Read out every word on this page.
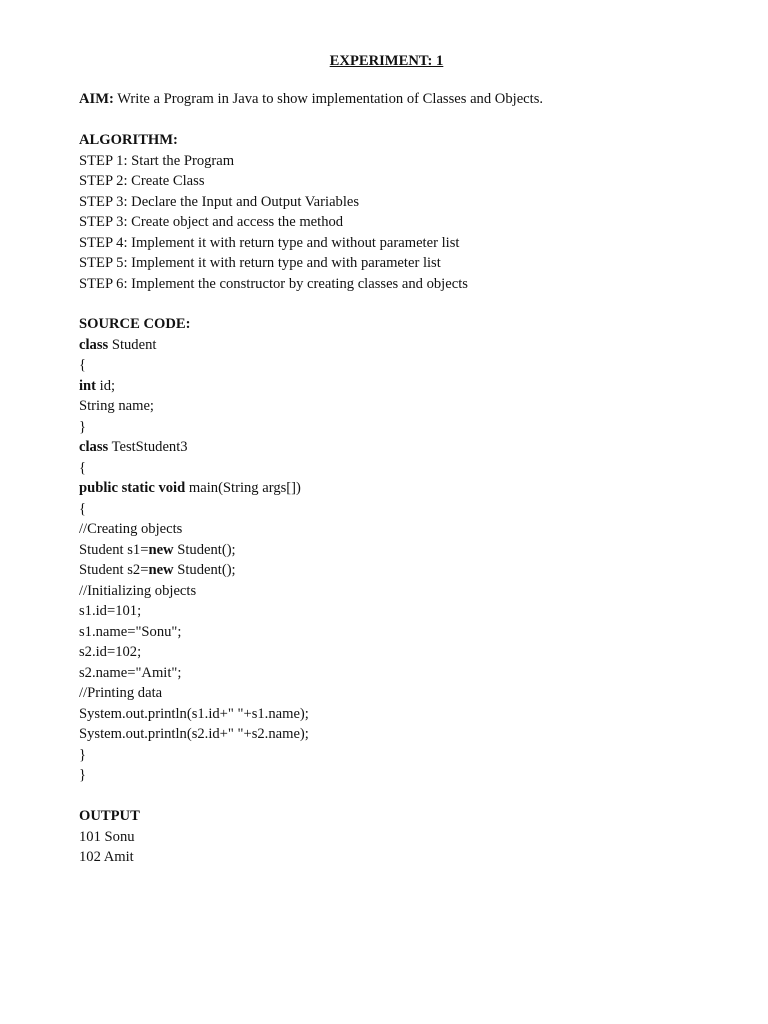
EXPERIMENT: 1
AIM: Write a Program in Java to show implementation of Classes and Objects.
ALGORITHM:
STEP 1: Start the Program
STEP 2: Create Class
STEP 3: Declare the Input and Output Variables
STEP 3: Create object and access the method
STEP 4: Implement it with return type and without parameter list
STEP 5: Implement it with return type and with parameter list
STEP 6: Implement the constructor by creating classes and objects
SOURCE CODE:
class Student
{
int id;
String name;
}
class TestStudent3
{
public static void main(String args[])
{
//Creating objects
Student s1=new Student();
Student s2=new Student();
//Initializing objects
s1.id=101;
s1.name="Sonu";
s2.id=102;
s2.name="Amit";
//Printing data
System.out.println(s1.id+" "+s1.name);
System.out.println(s2.id+" "+s2.name);
}
}
OUTPUT
101 Sonu
102 Amit
